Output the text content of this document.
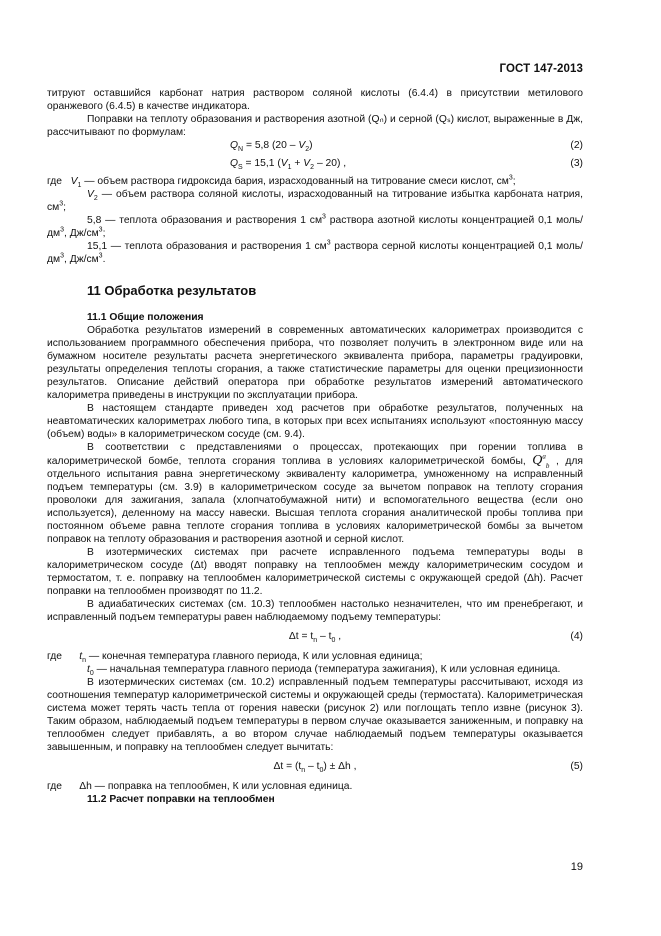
ГОСТ 147-2013

титруют оставшийся карбонат натрия раствором соляной кислоты (6.4.4) в присутствии метилового оранжевого (6.4.5) в качестве индикатора.

Поправки на теплоту образования и растворения азотной (Qₙ) и серной (Qₛ) кислот, выраженные в Дж, рассчитывают по формулам:

$Q_N = 5,8$ $(20 - V_2)$	(2)
$Q_S = 15,1$ $(V_1 + V_2 - 20)$ ,	(3)

где $V_1$ — объем раствора гидроксида бария, израсходованный на титрование смеси кислот, $см^3$;

$V_2$ — объем раствора соляной кислоты, израсходованный на титрование избытка карбоната натрия, $см^3$;

5,8 — теплота образования и растворения 1 $см^3$ раствора азотной кислоты концентрацией 0,1 моль/$дм^3$, $Дж/см^3$;

15,1 — теплота образования и растворения 1 $см^3$ раствора серной кислоты концентрацией 0,1 моль/$дм^3$, $Дж/см^3$.

11 Обработка результатов
11.1 Общие положения

Обработка результатов измерений в современных автоматических калориметрах производится с использованием программного обеспечения прибора, что позволяет получить в электронном виде или на бумажном носителе результаты расчета энергетического эквивалента прибора, параметры градуировки, результаты определения теплоты сгорания, а также статистические параметры для оценки прецизионности результатов. Описание действий оператора при обработке результатов измерений автоматического калориметра приведены в инструкции по эксплуатации прибора.

В настоящем стандарте приведен ход расчетов при обработке результатов, полученных на неавтоматических калориметрах любого типа, в которых при всех испытаниях используют «постоянную массу (объем) воды» в калориметрическом сосуде (см. 9.4).

В соответствии с представлениями о процессах, протекающих при горении топлива в калориметрической бомбе, теплота сгорания топлива в условиях калориметрической бомбы, $Q^a_b$ , для отдельного испытания равна энергетическому эквиваленту калориметра, умноженному на исправленный подъем температуры (см. 3.9) в калориметрическом сосуде за вычетом поправок на теплоту сгорания проволоки для зажигания, запала (хлопчатобумажной нити) и вспомогательного вещества (если оно используется), деленному на массу навески. Высшая теплота сгорания аналитической пробы топлива при постоянном объеме равна теплоте сгорания топлива в условиях калориметрической бомбы за вычетом поправок на теплоту образования и растворения азотной и серной кислот.

В изотермических системах при расчете исправленного подъема температуры воды в калориметрическом сосуде (Δt) вводят поправку на теплообмен между калориметрическим сосудом и термостатом, т. е. поправку на теплообмен калориметрической системы с окружающей средой (Δh). Расчет поправки на теплообмен производят по 11.2.

В адиабатических системах (см. 10.3) теплообмен настолько незначителен, что им пренебрегают, и исправленный подъем температуры равен наблюдаемому подъему температуры:

$\Delta t = t_n - t_0$ ,	(4)

где $t_n$ — конечная температура главного периода, К или условная единица;

$t_0$ — начальная температура главного периода (температура зажигания), К или условная единица.

В изотермических системах (см. 10.2) исправленный подъем температуры рассчитывают, исходя из соотношения температур калориметрической системы и окружающей среды (термостата). Калориметрическая система может терять часть тепла от горения навески (рисунок 2) или поглощать тепло извне (рисунок 3). Таким образом, наблюдаемый подъем температуры в первом случае оказывается заниженным, и поправку на теплообмен следует прибавлять, а во втором случае наблюдаемый подъем температуры оказывается завышенным, и поправку на теплообмен следует вычитать:

$\Delta t = (t_n - t_0) \pm \Delta h$ ,	(5)

где Δh — поправка на теплообмен, К или условная единица.

11.2 Расчет поправки на теплообмен
19
